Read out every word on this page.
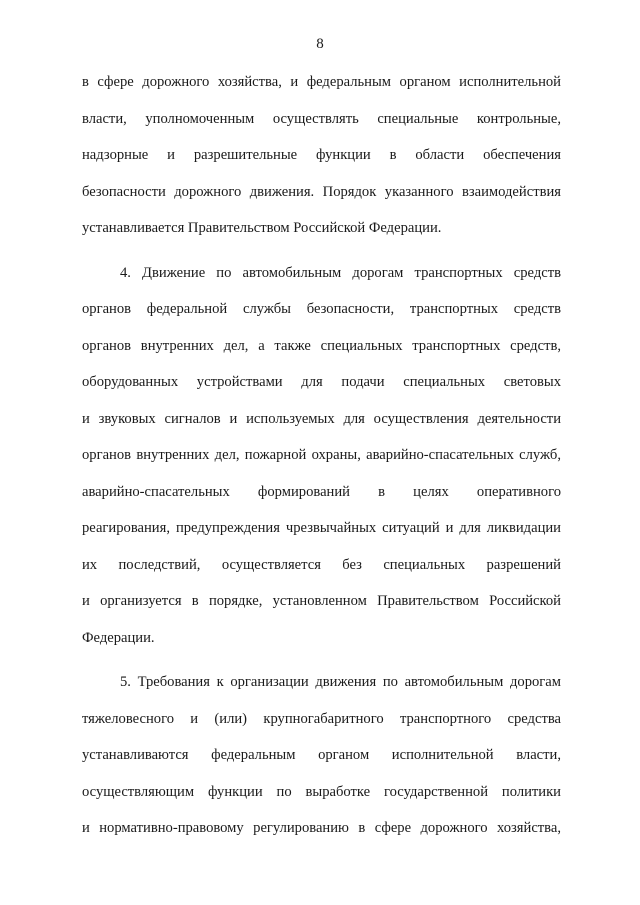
8
в сфере дорожного хозяйства, и федеральным органом исполнительной
власти, уполномоченным осуществлять специальные контрольные,
надзорные и разрешительные функции в области обеспечения
безопасности дорожного движения. Порядок указанного взаимодействия
устанавливается Правительством Российской Федерации.
4. Движение по автомобильным дорогам транспортных средств
органов федеральной службы безопасности, транспортных средств
органов внутренних дел, а также специальных транспортных средств,
оборудованных устройствами для подачи специальных световых
и звуковых сигналов и используемых для осуществления деятельности
органов внутренних дел, пожарной охраны, аварийно-спасательных служб,
аварийно-спасательных формирований в целях оперативного
реагирования, предупреждения чрезвычайных ситуаций и для ликвидации
их последствий, осуществляется без специальных разрешений
и организуется в порядке, установленном Правительством Российской
Федерации.
5. Требования к организации движения по автомобильным дорогам
тяжеловесного и (или) крупногабаритного транспортного средства
устанавливаются федеральным органом исполнительной власти,
осуществляющим функции по выработке государственной политики
и нормативно-правовому регулированию в сфере дорожного хозяйства,
